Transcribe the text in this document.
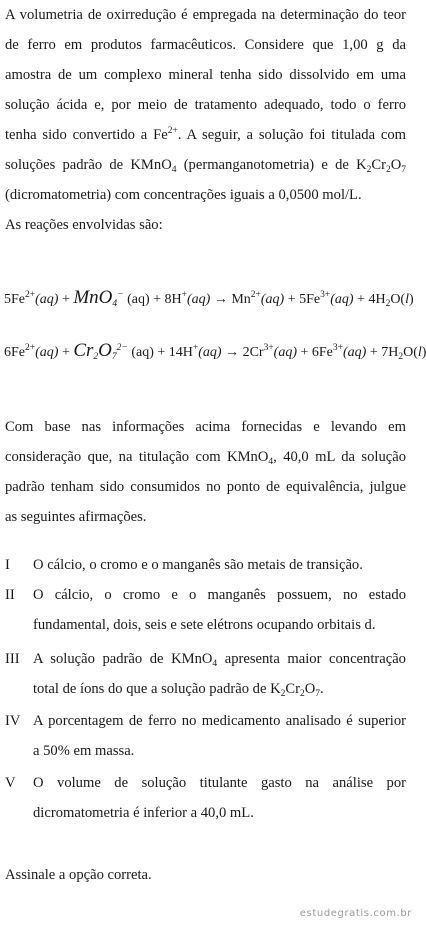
A volumetria de oxirredução é empregada na determinação do teor
de ferro em produtos farmacêuticos. Considere que 1,00 g da
amostra de um complexo mineral tenha sido dissolvido em uma
solução ácida e, por meio de tratamento adequado, todo o ferro
tenha sido convertido a $Fe^{2+}$. A seguir, a solução foi titulada com
soluções padrão de KMnO$_4$ (permanganotometria) e de $K_2Cr_2O_7$
(dicromatometria) com concentrações iguais a 0,0500 mol/L.
As reações envolvidas são:
$5Fe^{2+}(aq) + MnO_4^-$ $(aq) + 8H^+(aq) \to Mn^{2+}(aq) + 5Fe^{3+}(aq) + 4H_2O(l)$
$6Fe^{2+}(aq) + Cr_2O_7^{2-}$ $(aq) + 14H^+(aq) \to 2Cr^{3+}(aq) + 6Fe^{3+}(aq) + 7H_2O(l)$
Com base nas informações acima fornecidas e levando em
consideração que, na titulação com KMnO$_4$, 40,0 mL da solução
padrão tenham sido consumidos no ponto de equivalência, julgue
as seguintes afirmações.
I	O cálcio, o cromo e o manganês são metais de transição.
II	O cálcio, o cromo e o manganês possuem, no estado
fundamental, dois, seis e sete elétrons ocupando orbitais d.
III A solução padrão de KMnO$_4$ apresenta maior concentração
total de íons do que a solução padrão de $K_2Cr_2O_7$.
IV A porcentagem de ferro no medicamento analisado é superior
a 50% em massa.
V	O volume de solução titulante gasto na análise por
dicromatometria é inferior a 40,0 mL.
Assinale a opção correta.
estudegratis.com.br
